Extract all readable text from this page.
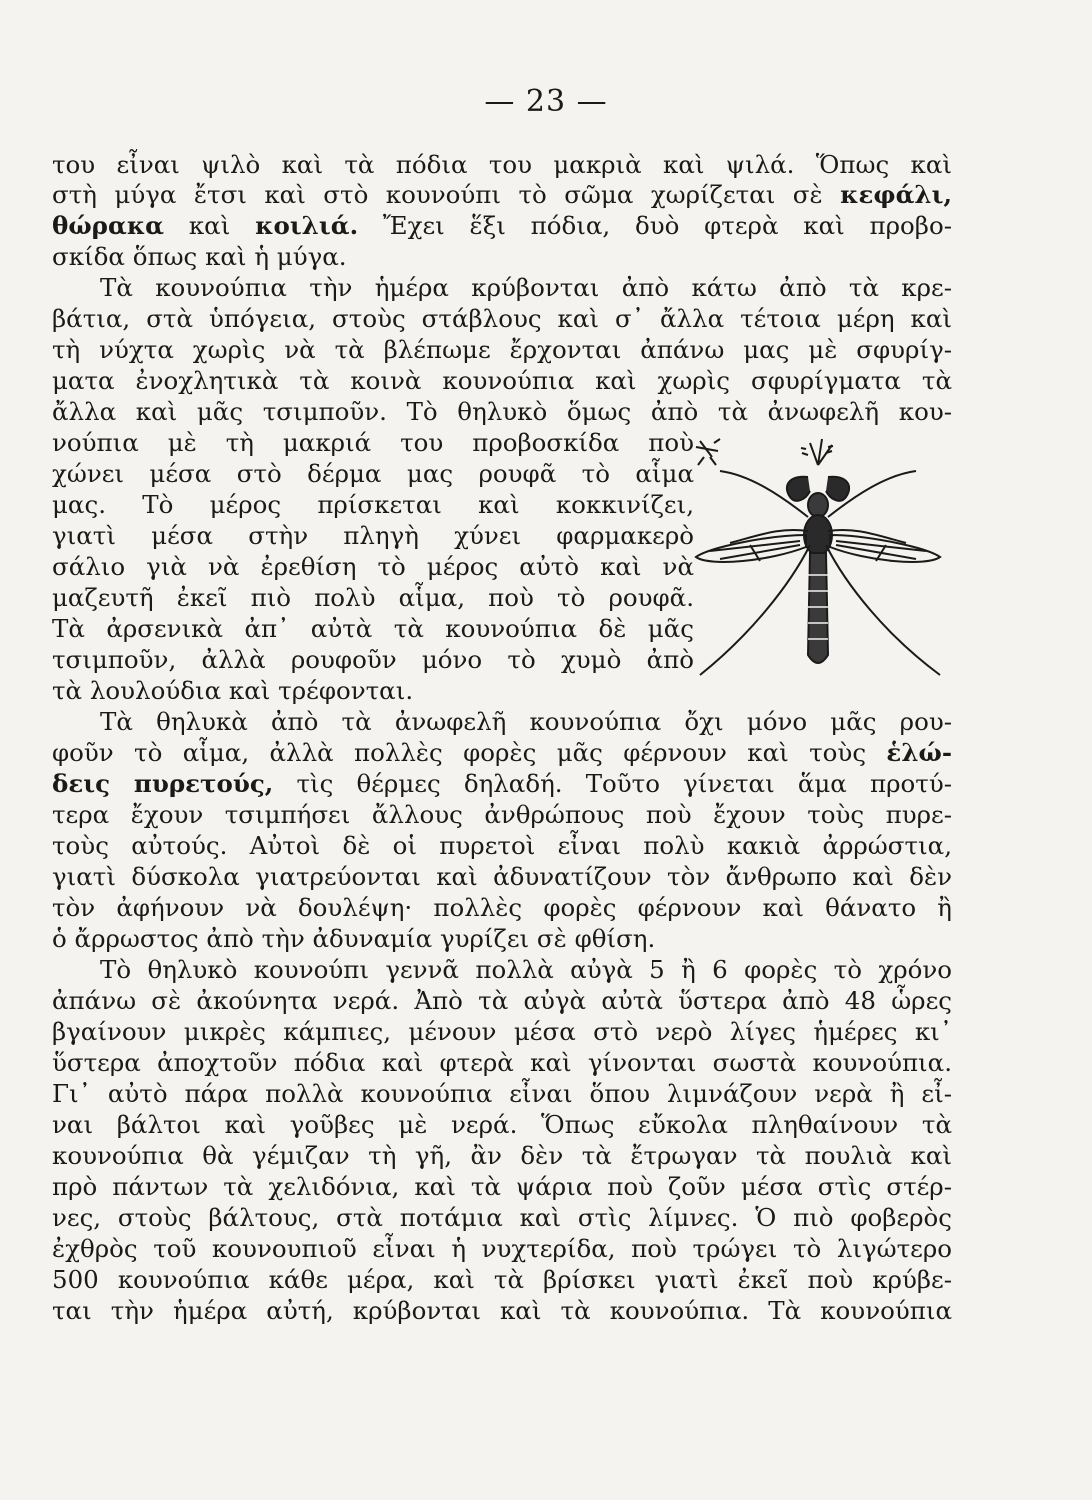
— 23 —
του εἶναι ψιλὸ καὶ τὰ πόδια του μακριὰ καὶ ψιλά. Ὅπως καὶ
στὴ μύγα ἔτσι καὶ στὸ κουνούπι τὸ σῶμα χωρίζεται σὲ κεφάλι,
θώρακα καὶ κοιλιά. Ἔχει ἕξι πόδια, δυὸ φτερὰ καὶ προβο-
σκίδα ὅπως καὶ ἡ μύγα.
Τὰ κουνούπια τὴν ἡμέρα κρύβονται ἀπὸ κάτω ἀπὸ τὰ κρε-
βάτια, στὰ ὑπόγεια, στοὺς στάβλους καὶ σ᾽ ἄλλα τέτοια μέρη καὶ
τὴ νύχτα χωρὶς νὰ τὰ βλέπωμε ἔρχονται ἀπάνω μας μὲ σφυρίγ-
ματα ἐνοχλητικὰ τὰ κοινὰ κουνούπια καὶ χωρὶς σφυρίγματα τὰ
ἄλλα καὶ μᾶς τσιμποῦν. Τὸ θηλυκὸ ὅμως ἀπὸ τὰ ἀνωφελῆ κου-
νούπια μὲ τὴ μακριά του προβοσκίδα ποὺ
χώνει μέσα στὸ δέρμα μας ρουφᾶ τὸ αἷμα
μας. Τὸ μέρος πρίσκεται καὶ κοκκινίζει,
γιατὶ μέσα στὴν πληγὴ χύνει φαρμακερὸ
σάλιο γιὰ νὰ ἐρεθίση τὸ μέρος αὐτὸ καὶ νὰ
μαζευτῆ ἐκεῖ πιὸ πολὺ αἷμα, ποὺ τὸ ρουφᾶ.
Τὰ ἀρσενικὰ ἀπ᾽ αὐτὰ τὰ κουνούπια δὲ μᾶς
τσιμποῦν, ἀλλὰ ρουφοῦν μόνο τὸ χυμὸ ἀπὸ
τὰ λουλούδια καὶ τρέφονται.
Τὰ θηλυκὰ ἀπὸ τὰ ἀνωφελῆ κουνούπια ὄχι μόνο μᾶς ρου-
φοῦν τὸ αἷμα, ἀλλὰ πολλὲς φορὲς μᾶς φέρνουν καὶ τοὺς ἑλώ-
δεις πυρετούς, τὶς θέρμες δηλαδή. Τοῦτο γίνεται ἅμα προτύ-
τερα ἔχουν τσιμπήσει ἄλλους ἀνθρώπους ποὺ ἔχουν τοὺς πυρε-
τοὺς αὐτούς. Αὐτοὶ δὲ οἱ πυρετοὶ εἶναι πολὺ κακιὰ ἀρρώστια,
γιατὶ δύσκολα γιατρεύονται καὶ ἀδυνατίζουν τὸν ἄνθρωπο καὶ δὲν
τὸν ἀφήνουν νὰ δουλέψη· πολλὲς φορὲς φέρνουν καὶ θάνατο ἢ
ὁ ἄρρωστος ἀπὸ τὴν ἀδυναμία γυρίζει σὲ φθίση.
Τὸ θηλυκὸ κουνούπι γεννᾶ πολλὰ αὐγὰ 5 ἢ 6 φορὲς τὸ χρόνο
ἀπάνω σὲ ἀκούνητα νερά. Ἀπὸ τὰ αὐγὰ αὐτὰ ὕστερα ἀπὸ 48 ὧρες
βγαίνουν μικρὲς κάμπιες, μένουν μέσα στὸ νερὸ λίγες ἡμέρες κι᾽
ὕστερα ἀποχτοῦν πόδια καὶ φτερὰ καὶ γίνονται σωστὰ κουνούπια.
Γι᾽ αὐτὸ πάρα πολλὰ κουνούπια εἶναι ὅπου λιμνάζουν νερὰ ἢ εἶ-
ναι βάλτοι καὶ γοῦβες μὲ νερά. Ὅπως εὔκολα πληθαίνουν τὰ
κουνούπια θὰ γέμιζαν τὴ γῆ, ἂν δὲν τὰ ἔτρωγαν τὰ πουλιὰ καὶ
πρὸ πάντων τὰ χελιδόνια, καὶ τὰ ψάρια ποὺ ζοῦν μέσα στὶς στέρ-
νες, στοὺς βάλτους, στὰ ποτάμια καὶ στὶς λίμνες. Ὁ πιὸ φοβερὸς
ἐχθρὸς τοῦ κουνουπιοῦ εἶναι ἡ νυχτερίδα, ποὺ τρώγει τὸ λιγώτερο
500 κουνούπια κάθε μέρα, καὶ τὰ βρίσκει γιατὶ ἐκεῖ ποὺ κρύβε-
ται τὴν ἡμέρα αὐτή, κρύβονται καὶ τὰ κουνούπια. Τὰ κουνούπια
